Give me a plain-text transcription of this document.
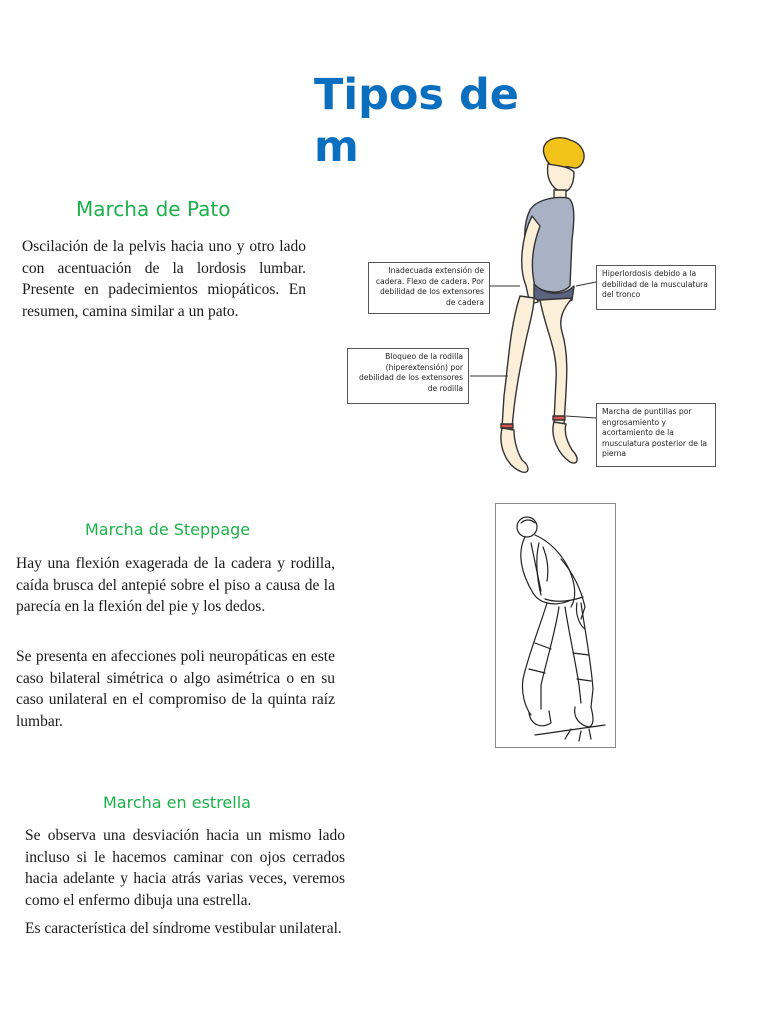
Tipos de
m
Marcha de Pato

Oscilación de la pelvis hacia uno y otro lado con acentuación de la lordosis lumbar. Presente en padecimientos miopáticos. En resumen, camina similar a un pato.

Inadecuada extensión de cadera. Flexo de cadera. Por debilidad de los extensores de cadera
Bloqueo de la rodilla (hiperextensión) por debilidad de los extensores de rodilla
Hiperlordosis debido a la debilidad de la musculatura del tronco
Marcha de puntillas por engrosamiento y acortamiento de la musculatura posterior de la pierna
Marcha de Steppage

Hay una flexión exagerada de la cadera y rodilla, caída brusca del antepié sobre el piso a causa de la parecía en la flexión del pie y los dedos.

Se presenta en afecciones poli neuropáticas en este caso bilateral simétrica o algo asimétrica o en su caso unilateral en el compromiso de la quinta raíz lumbar.

Marcha en estrella

Se observa una desviación hacia un mismo lado incluso si le hacemos caminar con ojos cerrados hacia adelante y hacia atrás varias veces, veremos como el enfermo dibuja una estrella.

Es característica del síndrome vestibular unilateral.
